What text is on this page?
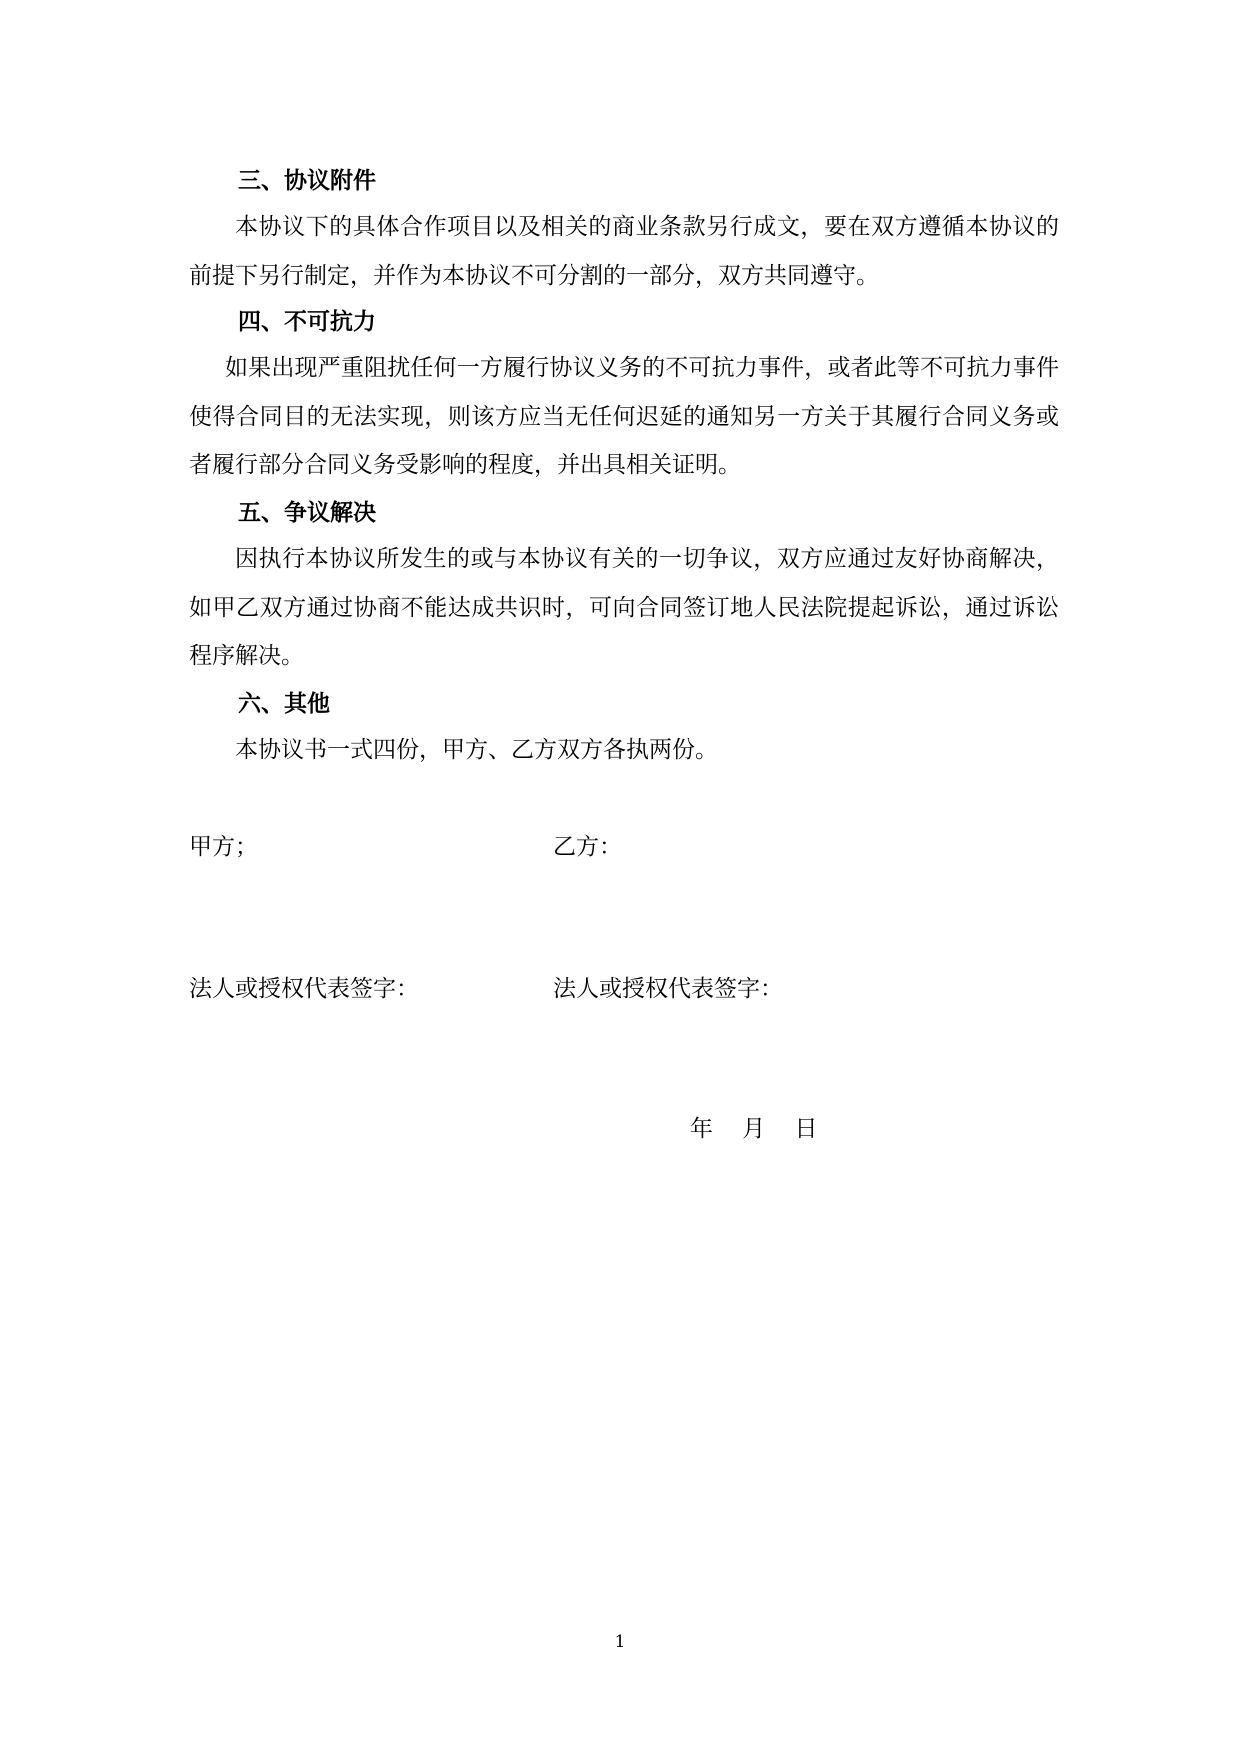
三、协议附件

本协议下的具体合作项目以及相关的商业条款另行成文，要在双方遵循本协议的前提下另行制定，并作为本协议不可分割的一部分，双方共同遵守。

四、不可抗力

如果出现严重阻扰任何一方履行协议义务的不可抗力事件，或者此等不可抗力事件使得合同目的无法实现，则该方应当无任何迟延的通知另一方关于其履行合同义务或者履行部分合同义务受影响的程度，并出具相关证明。

五、争议解决

因执行本协议所发生的或与本协议有关的一切争议，双方应通过友好协商解决，如甲乙双方通过协商不能达成共识时，可向合同签订地人民法院提起诉讼，通过诉讼程序解决。

六、其他

本协议书一式四份，甲方、乙方双方各执两份。

甲方；	乙方：
法人或授权代表签字：	法人或授权代表签字：
年    月    日
1
